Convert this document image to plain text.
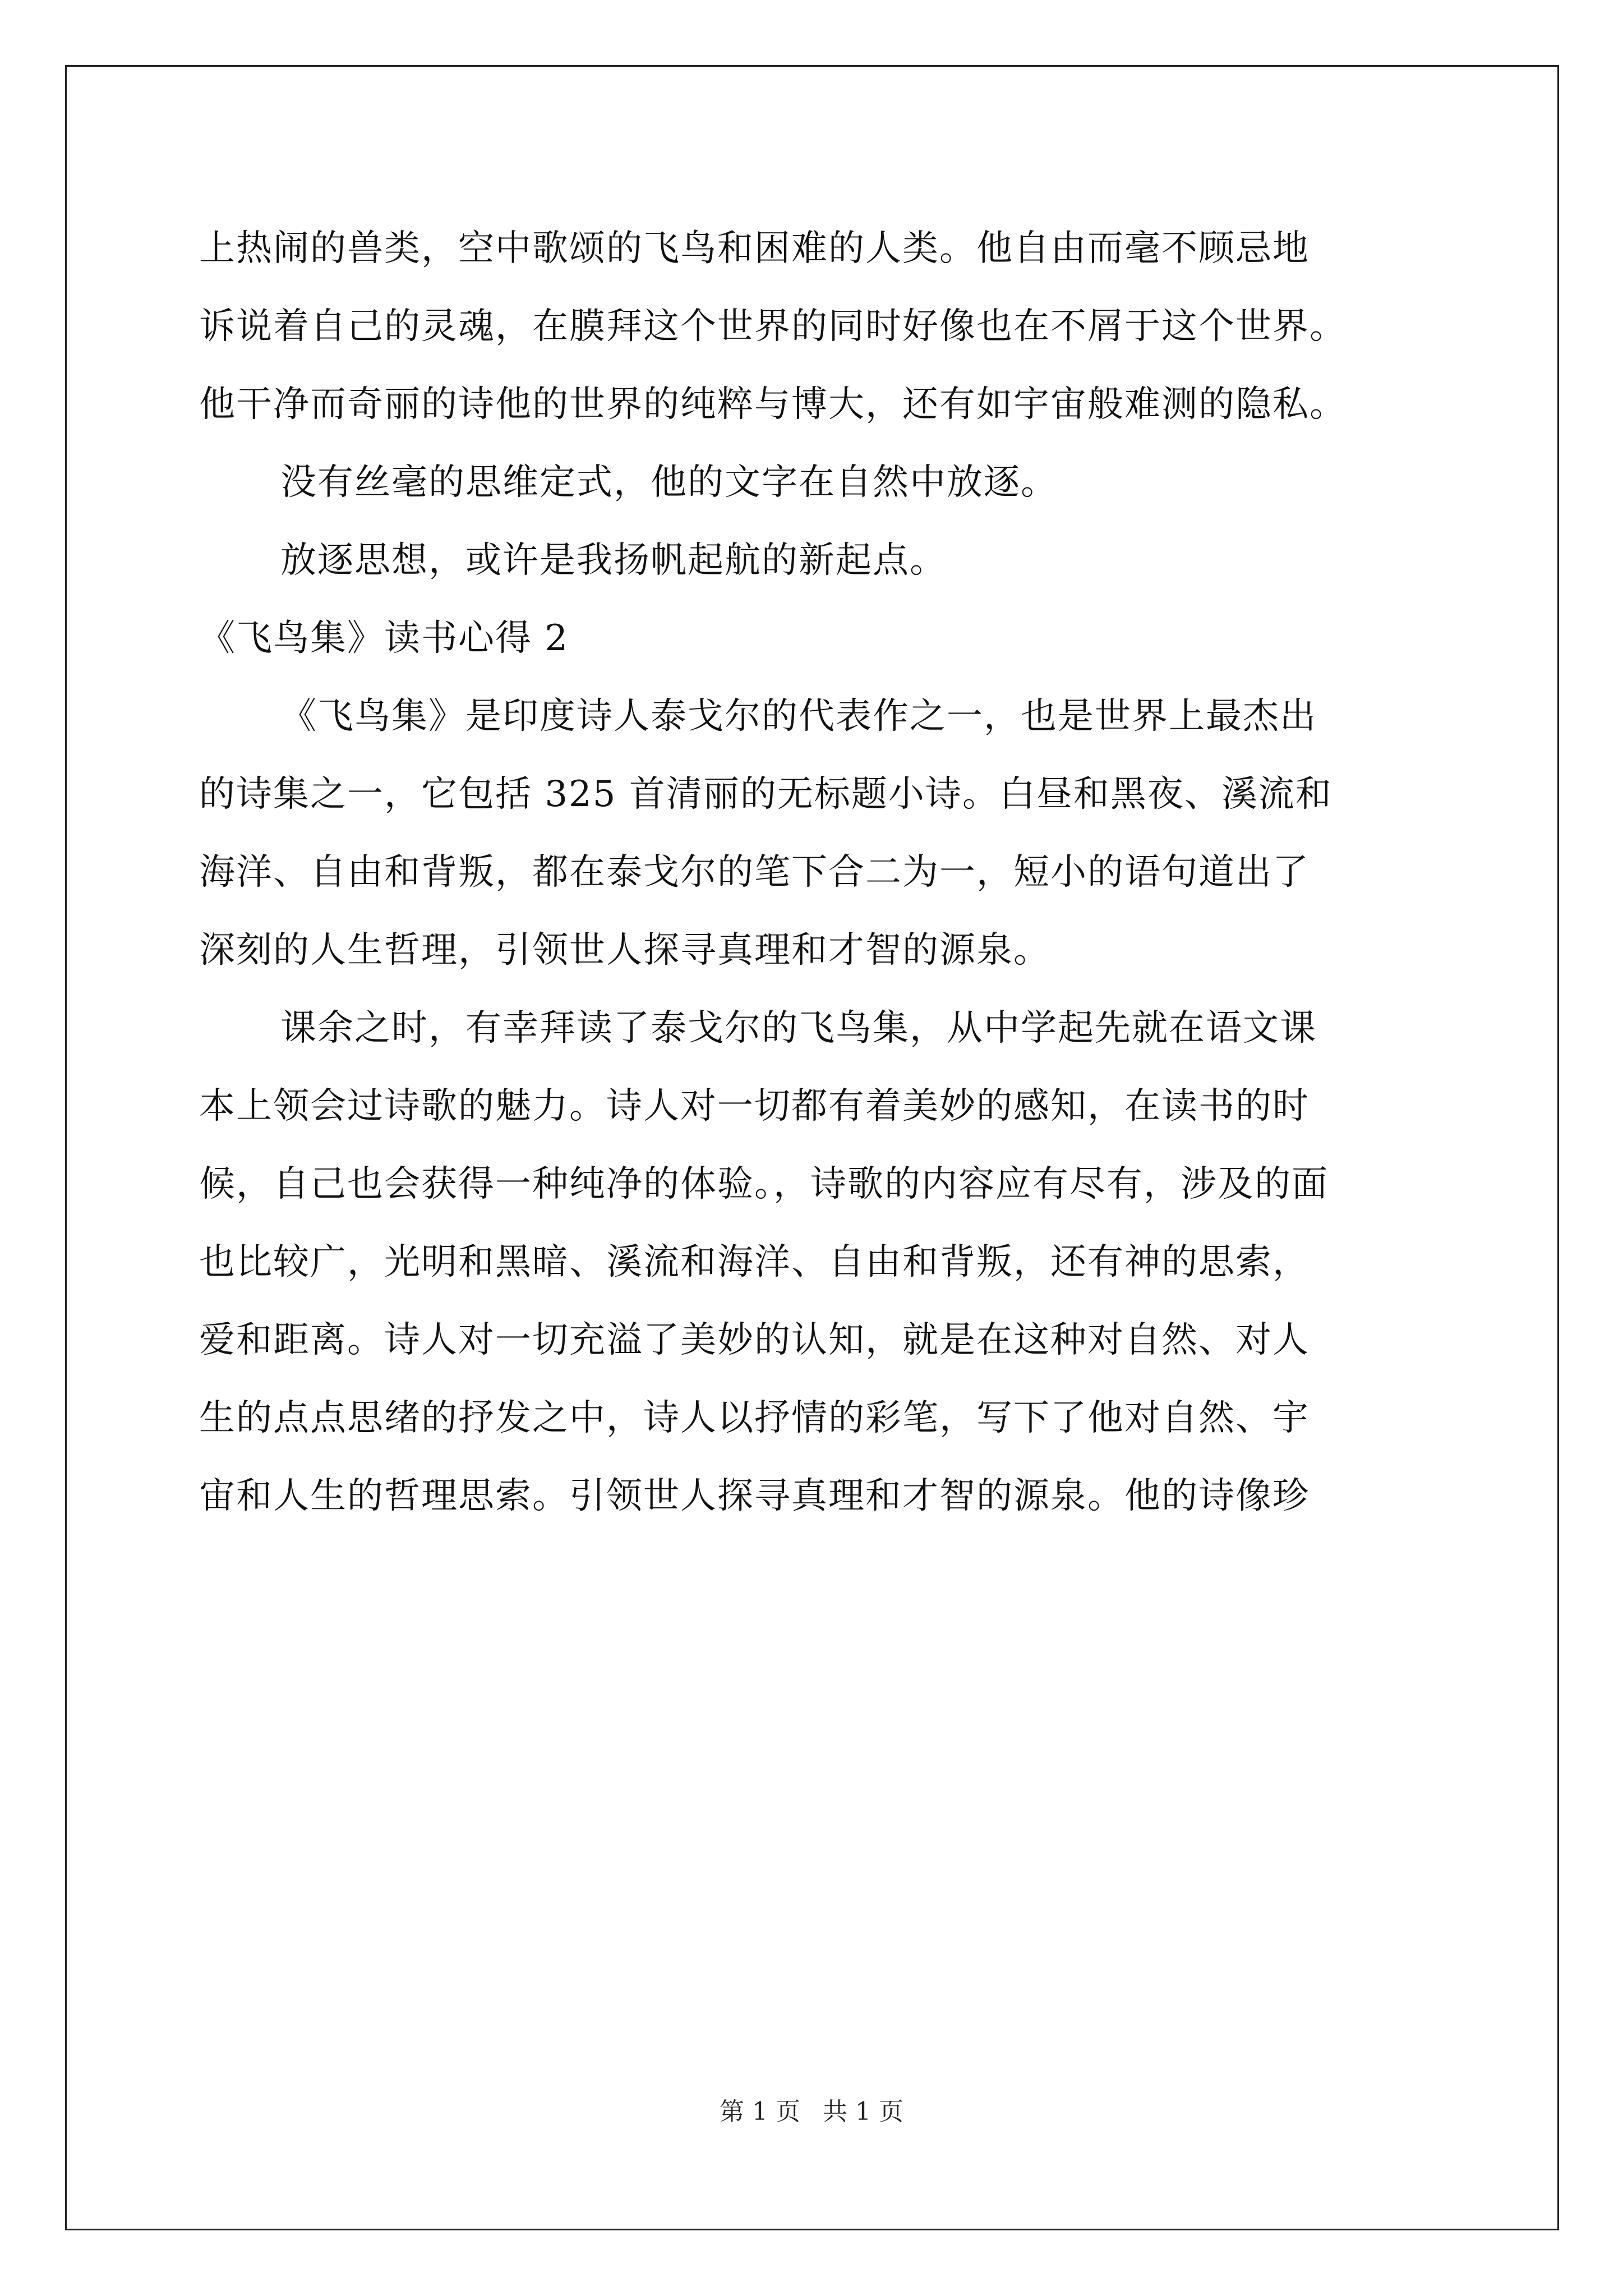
上热闹的兽类，空中歌颂的飞鸟和困难的人类。他自由而毫不顾忌地
诉说着自己的灵魂，在膜拜这个世界的同时好像也在不屑于这个世界。
他干净而奇丽的诗他的世界的纯粹与博大，还有如宇宙般难测的隐私。
没有丝毫的思维定式，他的文字在自然中放逐。
放逐思想，或许是我扬帆起航的新起点。
《飞鸟集》读书心得 2
《飞鸟集》是印度诗人泰戈尔的代表作之一，也是世界上最杰出
的诗集之一，它包括 325 首清丽的无标题小诗。白昼和黑夜、溪流和
海洋、自由和背叛，都在泰戈尔的笔下合二为一，短小的语句道出了
深刻的人生哲理，引领世人探寻真理和才智的源泉。
课余之时，有幸拜读了泰戈尔的飞鸟集，从中学起先就在语文课
本上领会过诗歌的魅力。诗人对一切都有着美妙的感知，在读书的时
候，自己也会获得一种纯净的体验。，诗歌的内容应有尽有，涉及的面
也比较广，光明和黑暗、溪流和海洋、自由和背叛，还有神的思索，
爱和距离。诗人对一切充溢了美妙的认知，就是在这种对自然、对人
生的点点思绪的抒发之中，诗人以抒情的彩笔，写下了他对自然、宇
宙和人生的哲理思索。引领世人探寻真理和才智的源泉。他的诗像珍
第 1 页 共 1 页
